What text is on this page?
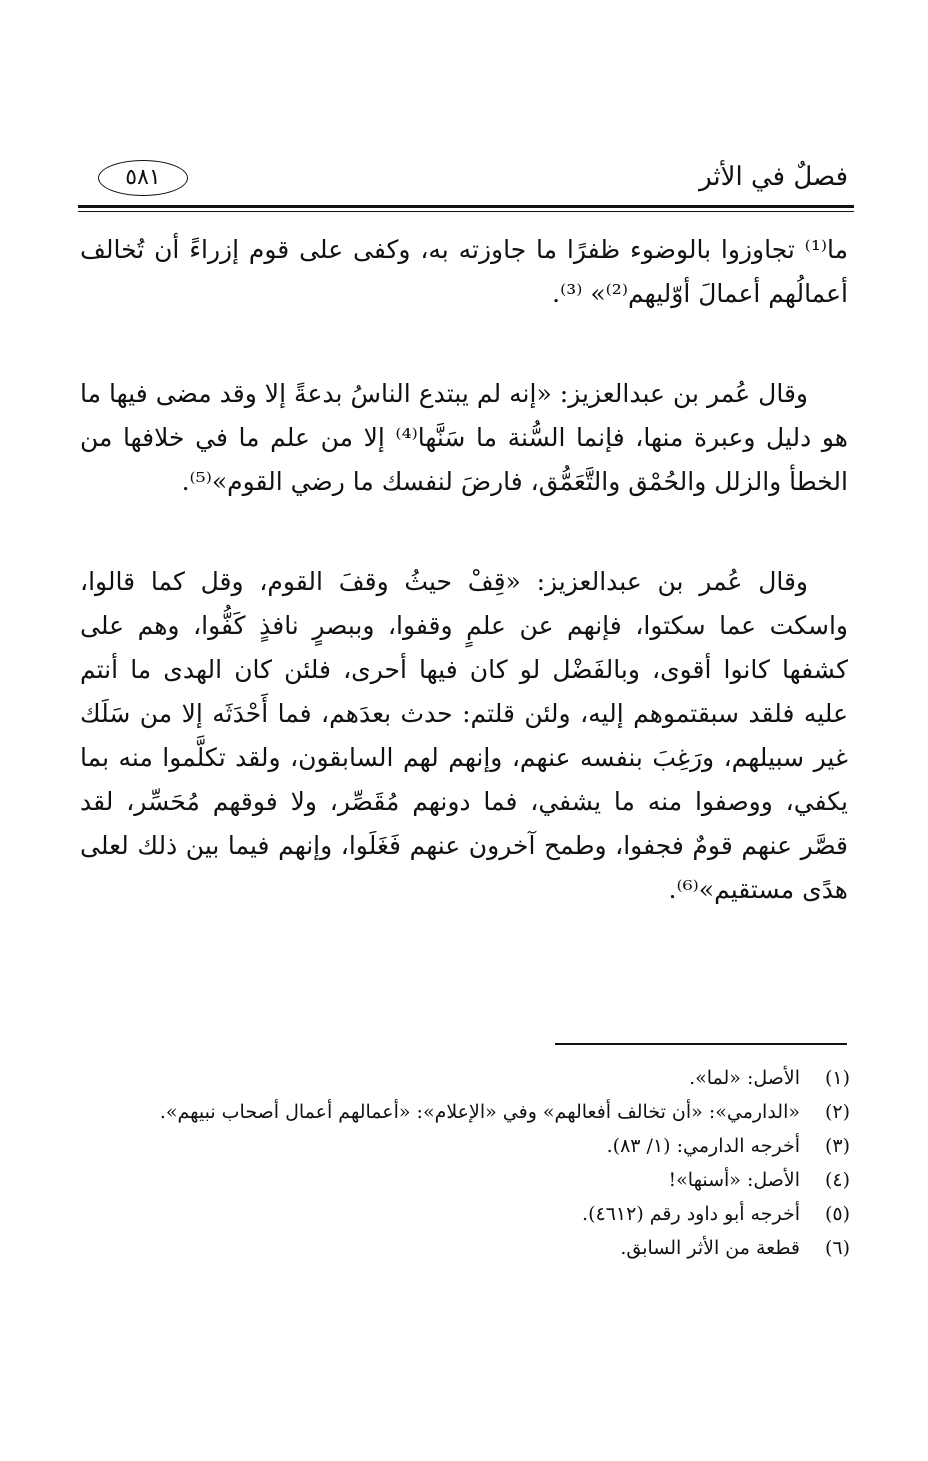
فصلٌ في الأثر
٥٨١

ما⁽¹⁾ تجاوزوا بالوضوء ظفرًا ما جاوزته به، وكفى على قوم إزراءً أن تُخالف أعمالُهم أعمالَ أوّليهم⁽²⁾» ⁽³⁾.

وقال عُمر بن عبدالعزيز: «إنه لم يبتدع الناسُ بدعةً إلا وقد مضى فيها ما هو دليل وعبرة منها، فإنما السُّنة ما سَنَّها⁽⁴⁾ إلا من علم ما في خلافها من الخطأ والزلل والحُمْق والتَّعَمُّق، فارضَ لنفسك ما رضي القوم»⁽⁵⁾.

وقال عُمر بن عبدالعزيز: «قِفْ حيثُ وقفَ القوم، وقل كما قالوا، واسكت عما سكتوا، فإنهم عن علمٍ وقفوا، وببصرٍ نافذٍ كَفُّوا، وهم على كشفها كانوا أقوى، وبالفَضْل لو كان فيها أحرى، فلئن كان الهدى ما أنتم عليه فلقد سبقتموهم إليه، ولئن قلتم: حدث بعدَهم، فما أَحْدَثَه إلا من سَلَك غير سبيلهم، ورَغِبَ بنفسه عنهم، وإنهم لهم السابقون، ولقد تكلَّموا منه بما يكفي، ووصفوا منه ما يشفي، فما دونهم مُقَصِّر، ولا فوقهم مُحَسِّر، لقد قصَّر عنهم قومٌ فجفوا، وطمح آخرون عنهم فَغَلَوا، وإنهم فيما بين ذلك لعلى هدًى مستقيم»⁽⁶⁾.

(١)
الأصل: «لما».
(٢)
«الدارمي»: «أن تخالف أفعالهم» وفي «الإعلام»: «أعمالهم أعمال أصحاب نبيهم».
(٣)
أخرجه الدارمي: (١/ ٨٣).
(٤)
الأصل: «أسنها»!
(٥)
أخرجه أبو داود رقم (٤٦١٢).
(٦)
قطعة من الأثر السابق.
